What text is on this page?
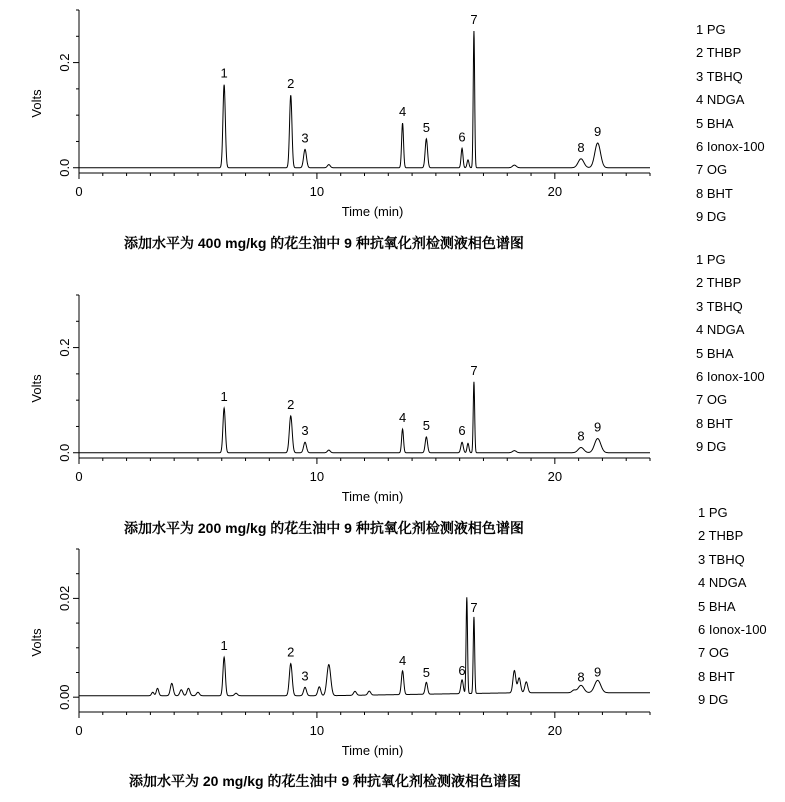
0	10	20
Time (min)
0.0
0.2
Volts
1
2
3
4
5
6
7
8
9
0	10	20
Time (min)
0.0
0.2
Volts	1
2
3
4
5 6
7
8
9
0	10	20
Time (min)
0.00
0.02
Volts	1	2
3
4
5 6
7
8 9
添加水平为 400 mg/kg 的花生油中 9 种抗氧化剂检测液相色谱图
添加水平为 200 mg/kg 的花生油中 9 种抗氧化剂检测液相色谱图
添加水平为 20 mg/kg 的花生油中 9 种抗氧化剂检测液相色谱图
1 PG
2 THBP
3 TBHQ
4 NDGA
5 BHA
6 Ionox-100
7 OG
8 BHT
9 DG
1 PG
2 THBP
3 TBHQ
4 NDGA
5 BHA
6 Ionox-100
7 OG
8 BHT
9 DG
1 PG
2 THBP
3 TBHQ
4 NDGA
5 BHA
6 Ionox-100
7 OG
8 BHT
9 DG
